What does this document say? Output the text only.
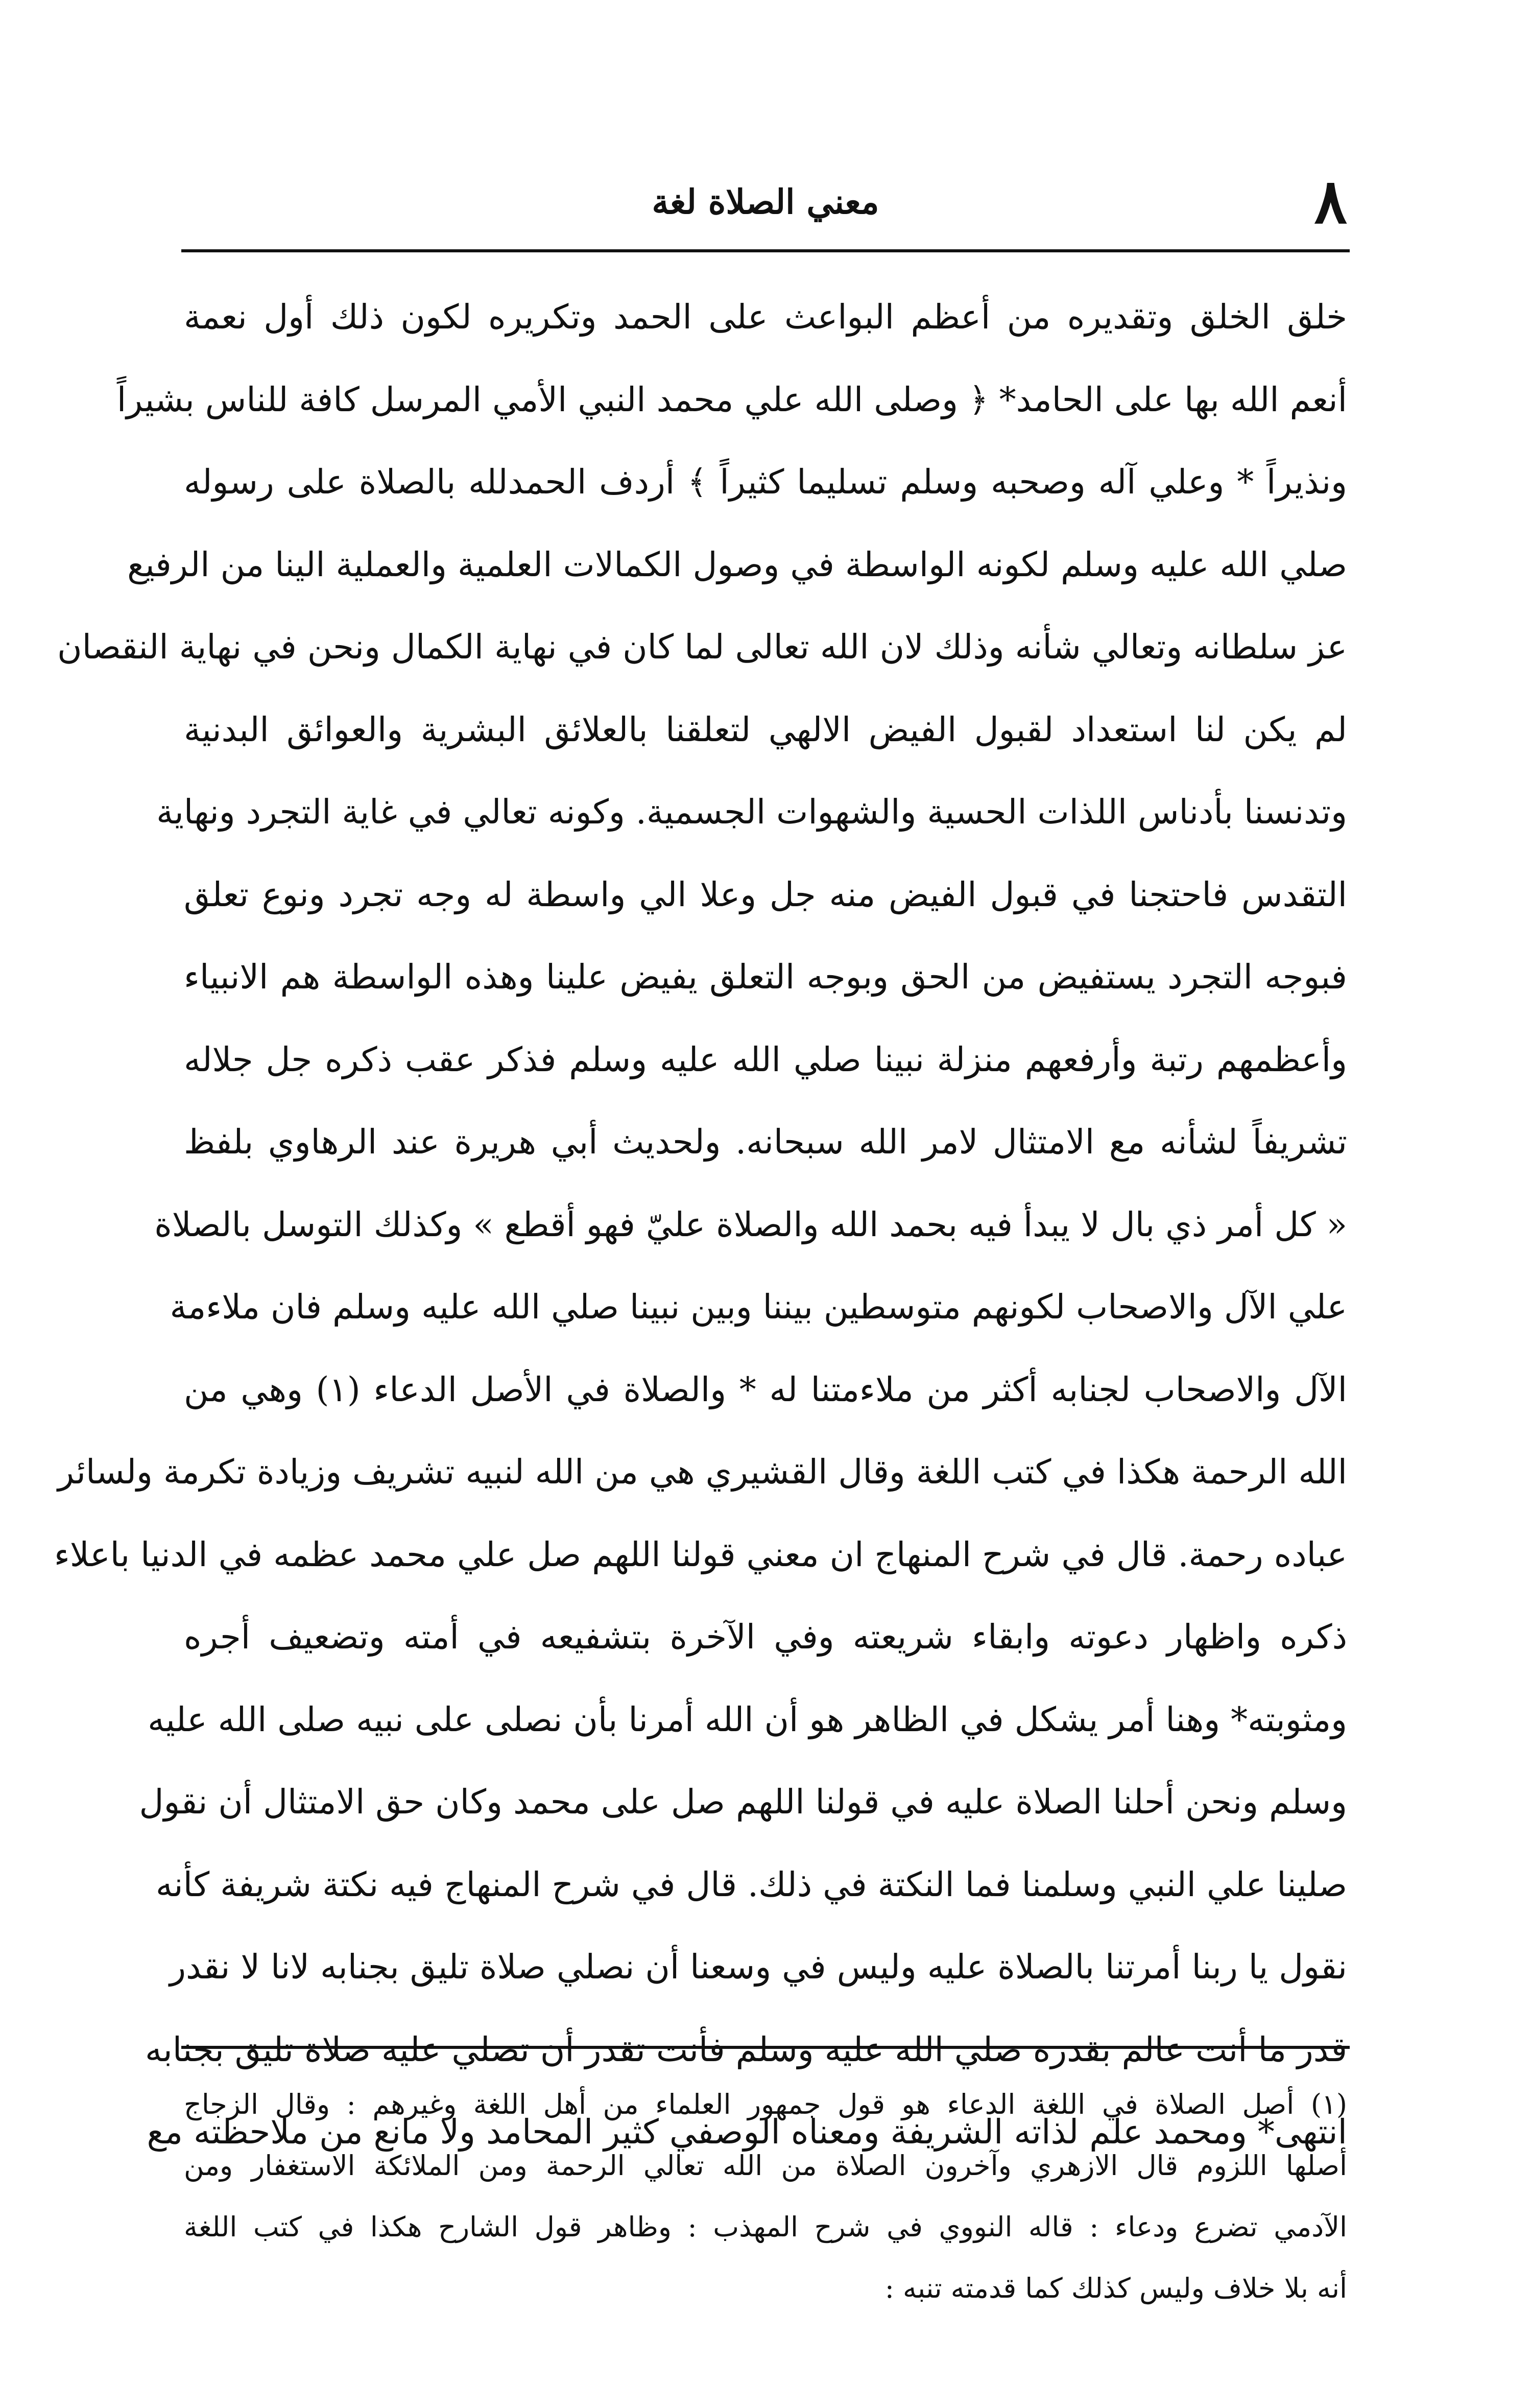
٨
معني الصلاة لغة
خلق الخلق وتقديره من أعظم البواعث على الحمد وتكريره لكون ذلك أول نعمة
أنعم الله بها على الحامد* ﴿ وصلى الله علي محمد النبي الأمي المرسل كافة للناس بشيراً
ونذيراً * وعلي آله وصحبه وسلم تسليما كثيراً ﴾ أردف الحمدلله بالصلاة على رسوله
صلي الله عليه وسلم لكونه الواسطة في وصول الكمالات العلمية والعملية الينا من الرفيع
عز سلطانه وتعالي شأنه وذلك لان الله تعالى لما كان في نهاية الكمال ونحن في نهاية النقصان
لم يكن لنا استعداد لقبول الفيض الالهي لتعلقنا بالعلائق البشرية والعوائق البدنية
وتدنسنا بأدناس اللذات الحسية والشهوات الجسمية. وكونه تعالي في غاية التجرد ونهاية
التقدس فاحتجنا في قبول الفيض منه جل وعلا الي واسطة له وجه تجرد ونوع تعلق
فبوجه التجرد يستفيض من الحق وبوجه التعلق يفيض علينا وهذه الواسطة هم الانبياء
وأعظمهم رتبة وأرفعهم منزلة نبينا صلي الله عليه وسلم فذكر عقب ذكره جل جلاله
تشريفاً لشأنه مع الامتثال لامر الله سبحانه. ولحديث أبي هريرة عند الرهاوي بلفظ
« كل أمر ذي بال لا يبدأ فيه بحمد الله والصلاة عليّ فهو أقطع » وكذلك التوسل بالصلاة
علي الآل والاصحاب لكونهم متوسطين بيننا وبين نبينا صلي الله عليه وسلم فان ملاءمة
الآل والاصحاب لجنابه أكثر من ملاءمتنا له * والصلاة في الأصل الدعاء (١) وهي من
الله الرحمة هكذا في كتب اللغة وقال القشيري هي من الله لنبيه تشريف وزيادة تكرمة ولسائر
عباده رحمة. قال في شرح المنهاج ان معني قولنا اللهم صل علي محمد عظمه في الدنيا باعلاء
ذكره واظهار دعوته وابقاء شريعته وفي الآخرة بتشفيعه في أمته وتضعيف أجره
ومثوبته* وهنا أمر يشكل في الظاهر هو أن الله أمرنا بأن نصلى على نبيه صلى الله عليه
وسلم ونحن أحلنا الصلاة عليه في قولنا اللهم صل على محمد وكان حق الامتثال أن نقول
صلينا علي النبي وسلمنا فما النكتة في ذلك. قال في شرح المنهاج فيه نكتة شريفة كأنه
نقول يا ربنا أمرتنا بالصلاة عليه وليس في وسعنا أن نصلي صلاة تليق بجنابه لانا لا نقدر
قدر ما أنت عالم بقدره صلي الله عليه وسلم فأنت تقدر أن تصلي عليه صلاة تليق بجنابه
انتهى* ومحمد علم لذاته الشريفة ومعناه الوصفي كثير المحامد ولا مانع من ملاحظته مع
(١) أصل الصلاة في اللغة الدعاء هو قول جمهور العلماء من أهل اللغة وغيرهم : وقال الزجاج
أصلها اللزوم قال الازهري وآخرون الصلاة من الله تعالي الرحمة ومن الملائكة الاستغفار ومن
الآدمي تضرع ودعاء : قاله النووي في شرح المهذب : وظاهر قول الشارح هكذا في كتب اللغة
أنه بلا خلاف وليس كذلك كما قدمته تنبه :
